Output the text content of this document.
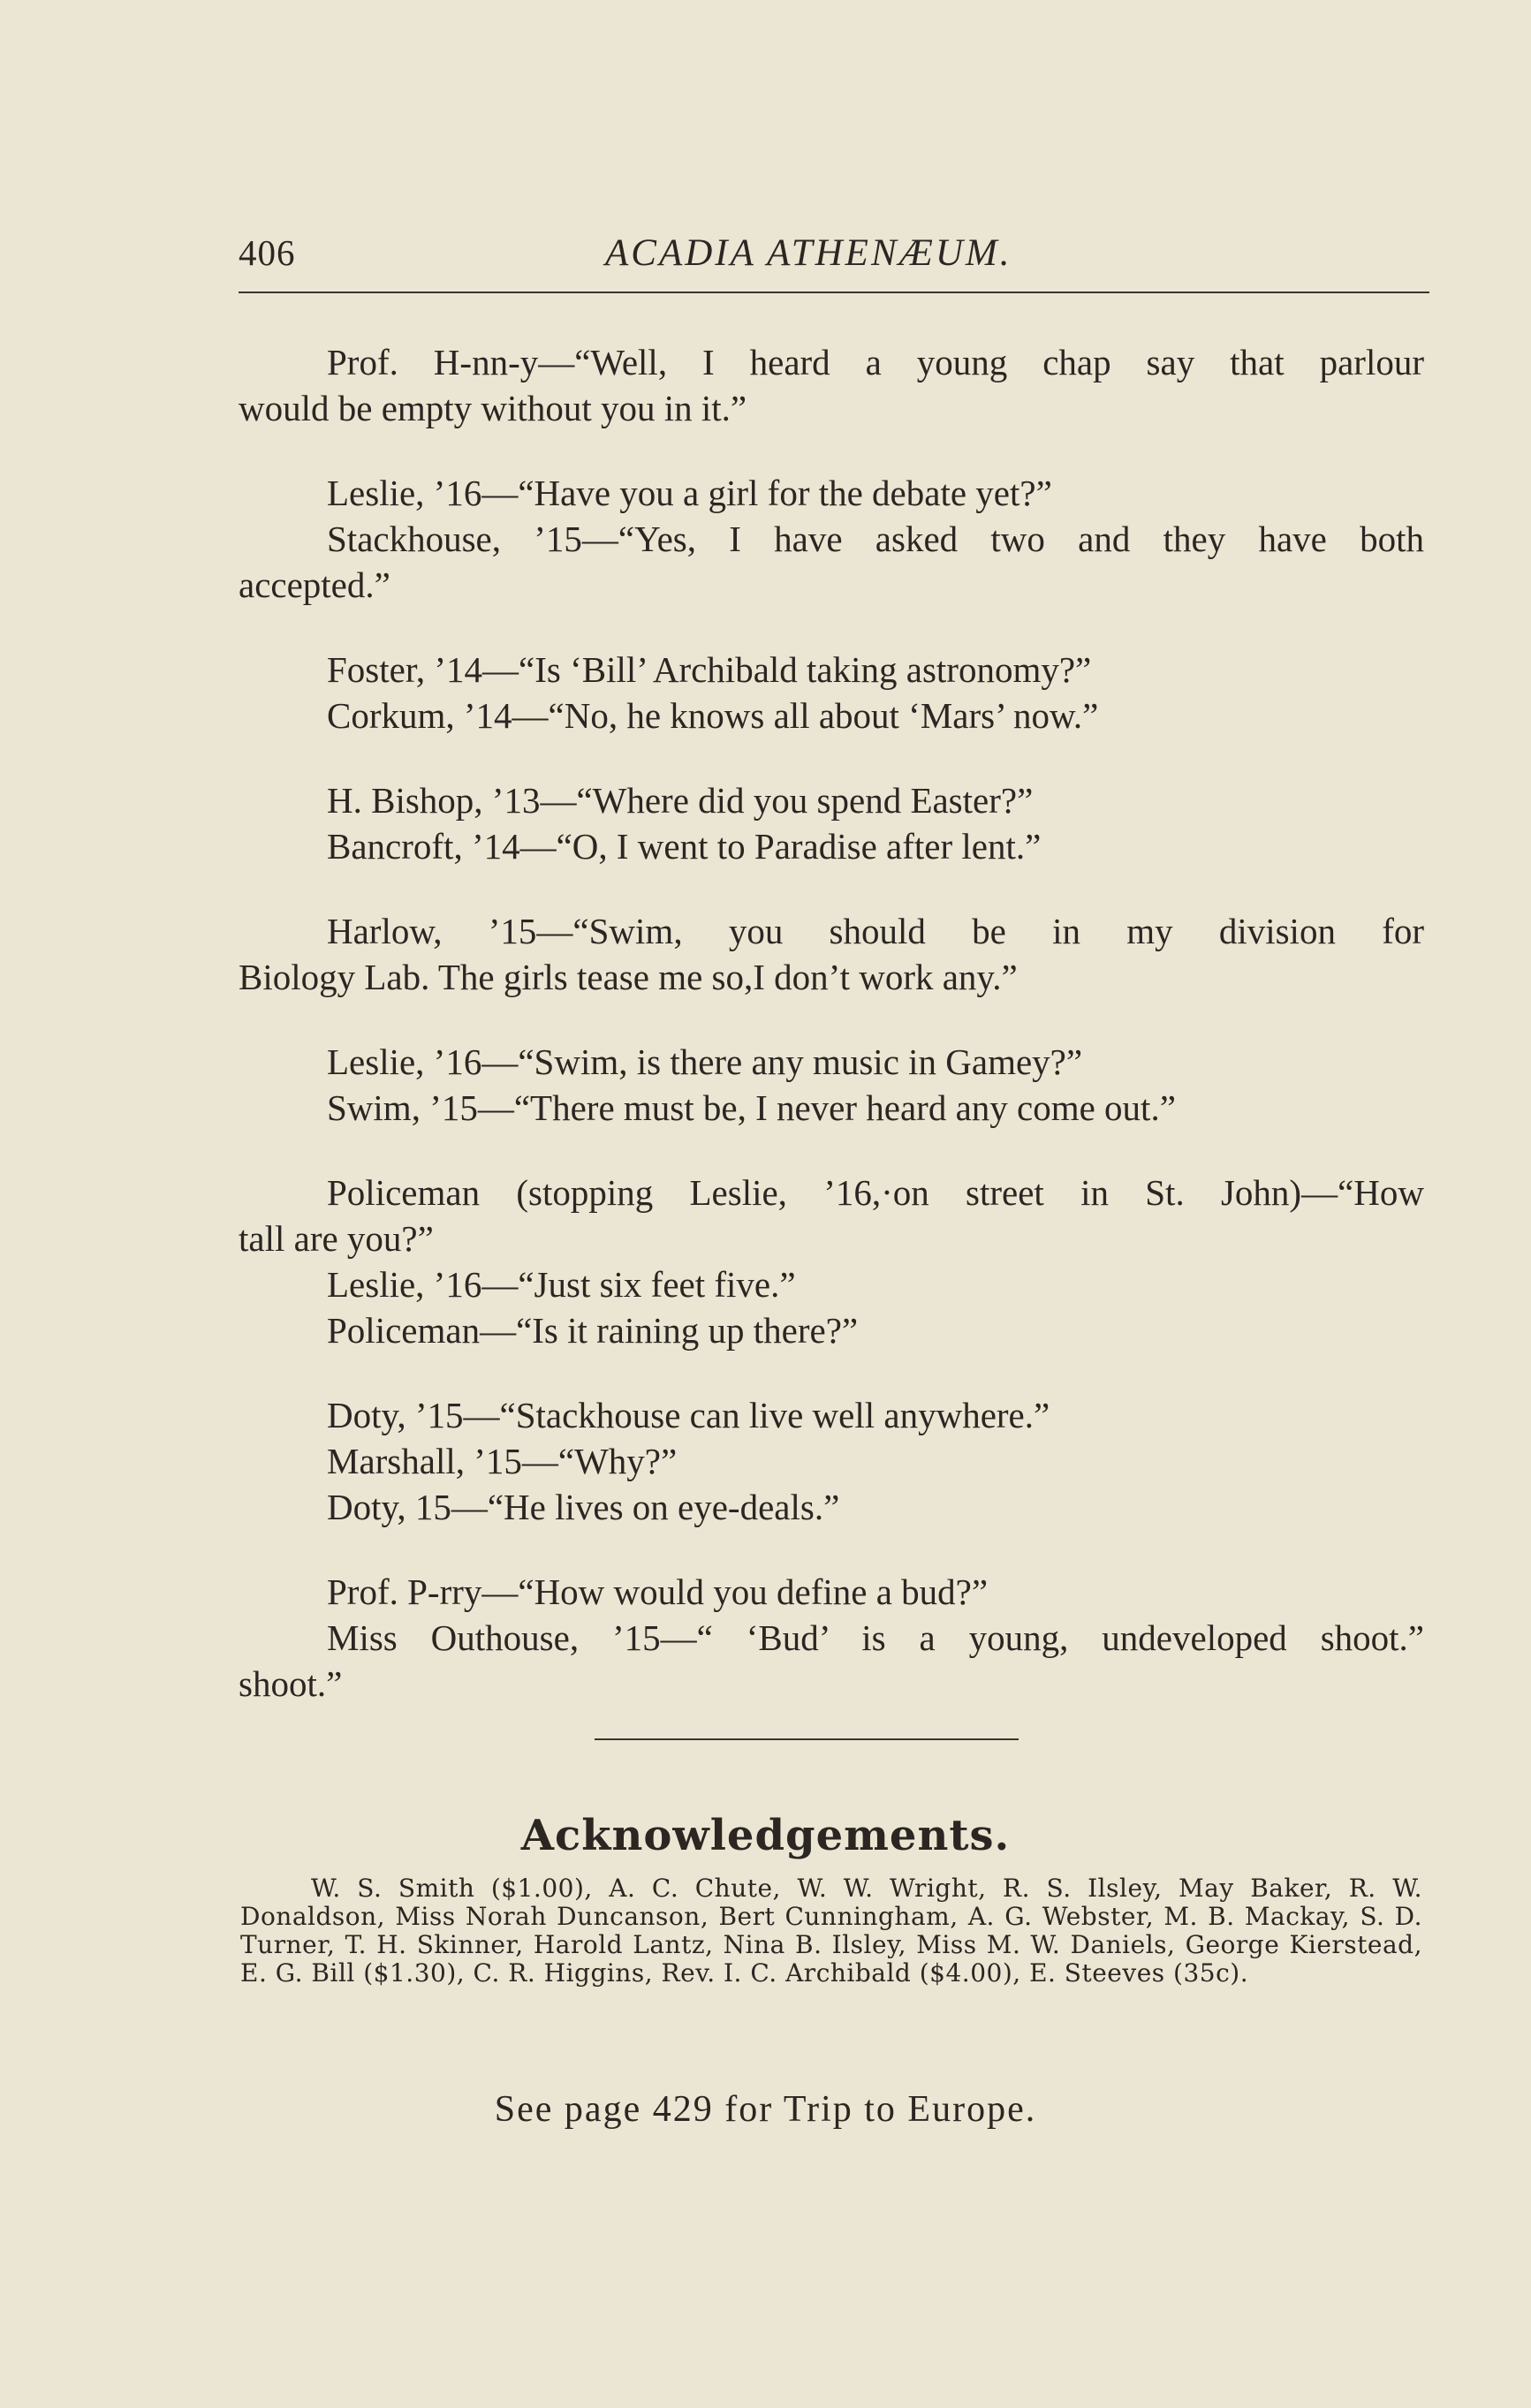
406	ACADIA ATHENÆUM.
Prof. H-nn-y—“Well, I heard a young chap say that parlour
would be empty without you in it.”
Leslie, ’16—“Have you a girl for the debate yet?”
Stackhouse, ’15—“Yes, I have asked two and they have both
accepted.”
Foster, ’14—“Is ‘Bill’ Archibald taking astronomy?”
Corkum, ’14—“No, he knows all about ‘Mars’ now.”
H. Bishop, ’13—“Where did you spend Easter?”
Bancroft, ’14—“O, I went to Paradise after lent.”
Harlow, ’15—“Swim, you should be in my division for
Biology Lab. The girls tease me so,I don’t work any.”
Leslie, ’16—“Swim, is there any music in Gamey?”
Swim, ’15—“There must be, I never heard any come out.”
Policeman (stopping Leslie, ’16,·on street in St. John)—“How
tall are you?”
Leslie, ’16—“Just six feet five.”
Policeman—“Is it raining up there?”
Doty, ’15—“Stackhouse can live well anywhere.”
Marshall, ’15—“Why?”
Doty, 15—“He lives on eye-deals.”
Prof. P-rry—“How would you define a bud?”
Miss Outhouse, ’15—“ ‘Bud’ is a young, undeveloped shoot.”
shoot.”
Acknowledgements.
W. S. Smith ($1.00), A. C. Chute, W. W. Wright, R. S. Ilsley, May Baker, R. W. Donaldson, Miss Norah Duncanson, Bert Cunningham, A. G. Webster, M. B. Mackay, S. D. Turner, T. H. Skinner, Harold Lantz, Nina B. Ilsley, Miss M. W. Daniels, George Kierstead, E. G. Bill ($1.30), C. R. Higgins, Rev. I. C. Archibald ($4.00), E. Steeves (35c).
See page 429 for Trip to Europe.
